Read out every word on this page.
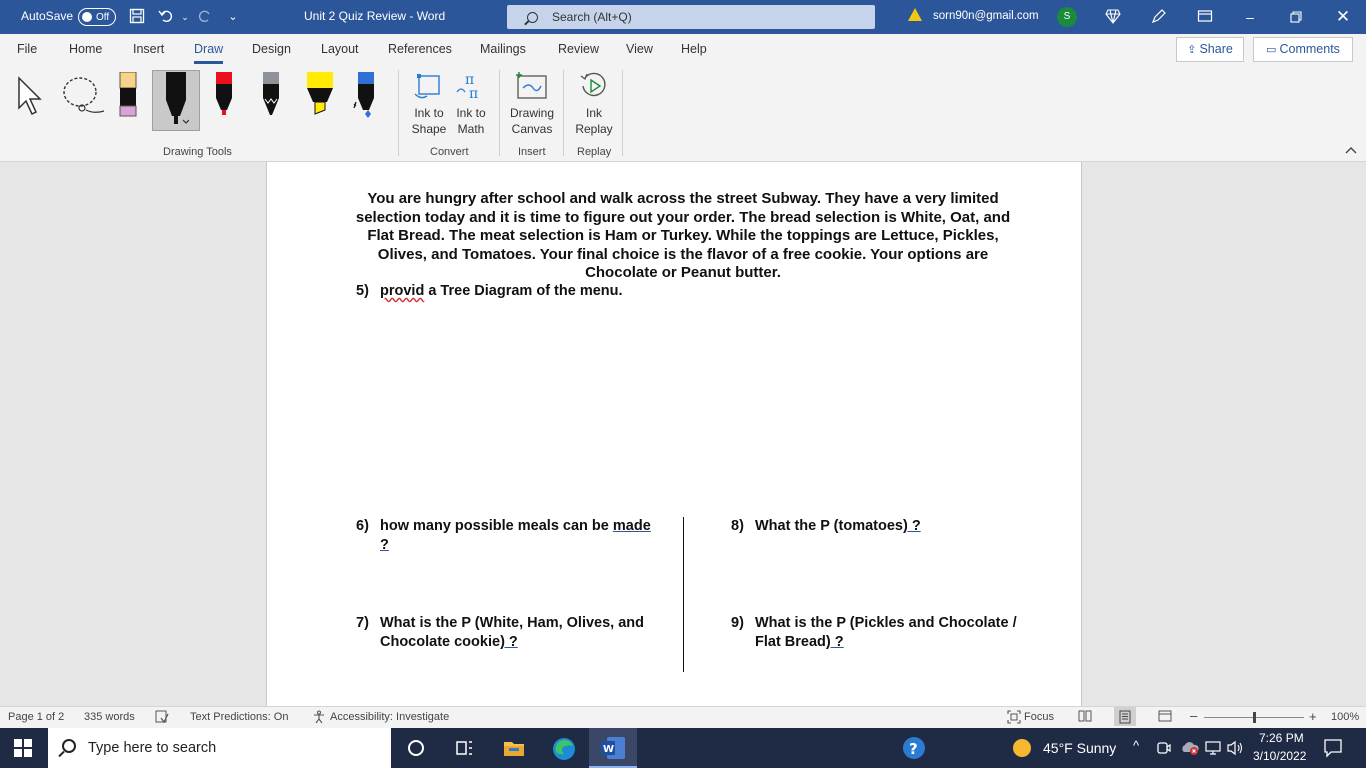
AutoSave Off	⌄	⌄	Unit 2 Quiz Review - Word	Search (Alt+Q)	sorn90n@gmail.com	S	–	✕
File	Home Insert Draw Design Layout References Mailings	Review View Help	⇪ Share	▭ Comments
Drawing Tools
Ink to
Shape
π
π
Ink to
Math
Convert
Drawing
Canvas
Insert
Ink
Replay
Replay
You are hungry after school and walk across the street Subway. They have a very limited
selection today and it is time to figure out your order. The bread selection is White, Oat, and
Flat Bread. The meat selection is Ham or Turkey. While the toppings are Lettuce, Pickles,
Olives, and Tomatoes. Your final choice is the flavor of a free cookie. Your options are
Chocolate or Peanut butter.
5) provid a Tree Diagram of the menu.
6) how many possible meals can be made
?
7) What is the P (White, Ham, Olives, and
Chocolate cookie) ?
8) What the P (tomatoes) ?
9) What is the P (Pickles and Chocolate /
Flat Bread) ?
Page 1 of 2 335 words	Text Predictions: On	Accessibility: Investigate	Focus	–	+ 100%
Type here to search	W	?	45°F Sunny ^	7:26 PM
3/10/2022
